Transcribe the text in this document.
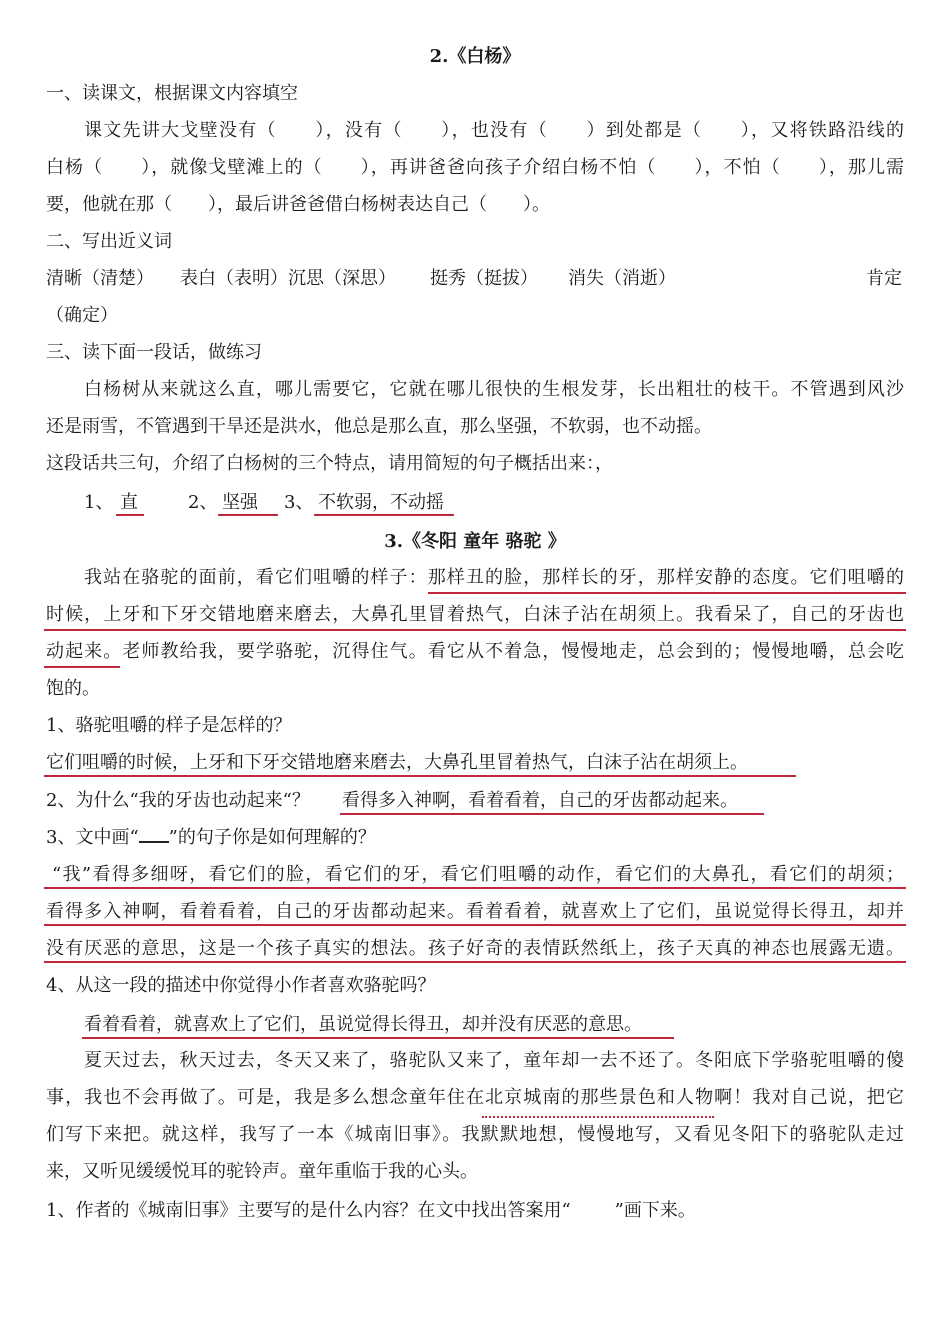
2.《白杨》
一、读课文，根据课文内容填空
课文先讲大戈壁没有（　　），没有（　　），也没有（　　）到处都是（　　），又将铁路沿线的
白杨（　　），就像戈壁滩上的（　　），再讲爸爸向孩子介绍白杨不怕（　　），不怕（　　），那儿需
要，他就在那（　　），最后讲爸爸借白杨树表达自己（　　）。
二、写出近义词
清晰（清楚） 表白（表明）沉思（深思） 挺秀（挺拔） 消失（消逝）	肯定
（确定）
三、读下面一段话，做练习
白杨树从来就这么直，哪儿需要它，它就在哪儿很快的生根发芽，长出粗壮的枝干。不管遇到风沙
还是雨雪，不管遇到干旱还是洪水，他总是那么直，那么坚强，不软弱，也不动摇。
这段话共三句，介绍了白杨树的三个特点，请用简短的句子概括出来：，
1、 直	2、 坚强 3、 不软弱，不动摇
3.《冬阳 童年 骆驼 》
我站在骆驼的面前，看它们咀嚼的样子：那样丑的脸，那样长的牙，那样安静的态度。它们咀嚼的
时候，上牙和下牙交错地磨来磨去，大鼻孔里冒着热气，白沫子沾在胡须上。我看呆了，自己的牙齿也
动起来。老师教给我，要学骆驼，沉得住气。看它从不着急，慢慢地走，总会到的；慢慢地嚼，总会吃
饱的。
1、骆驼咀嚼的样子是怎样的？
它们咀嚼的时候，上牙和下牙交错地磨来磨去，大鼻孔里冒着热气，白沫子沾在胡须上。
2、为什么“我的牙齿也动起来“？ 看得多入神啊，看着看着，自己的牙齿都动起来。
3、文中画“ ”的句子你是如何理解的？
“我”看得多细呀，看它们的脸，看它们的牙，看它们咀嚼的动作，看它们的大鼻孔，看它们的胡须；
看得多入神啊，看着看着，自己的牙齿都动起来。看着看着，就喜欢上了它们，虽说觉得长得丑，却并
没有厌恶的意思，这是一个孩子真实的想法。孩子好奇的表情跃然纸上，孩子天真的神态也展露无遗。
4、从这一段的描述中你觉得小作者喜欢骆驼吗？
看着看着，就喜欢上了它们，虽说觉得长得丑，却并没有厌恶的意思。
夏天过去，秋天过去，冬天又来了，骆驼队又来了，童年却一去不还了。冬阳底下学骆驼咀嚼的傻
事，我也不会再做了。可是，我是多么想念童年住在北京城南的那些景色和人物啊！我对自己说，把它
们写下来把。就这样，我写了一本《城南旧事》。我默默地想，慢慢地写，又看见冬阳下的骆驼队走过
来，又听见缓缓悦耳的驼铃声。童年重临于我的心头。
1、作者的《城南旧事》主要写的是什么内容？在文中找出答案用“ ”画下来。
